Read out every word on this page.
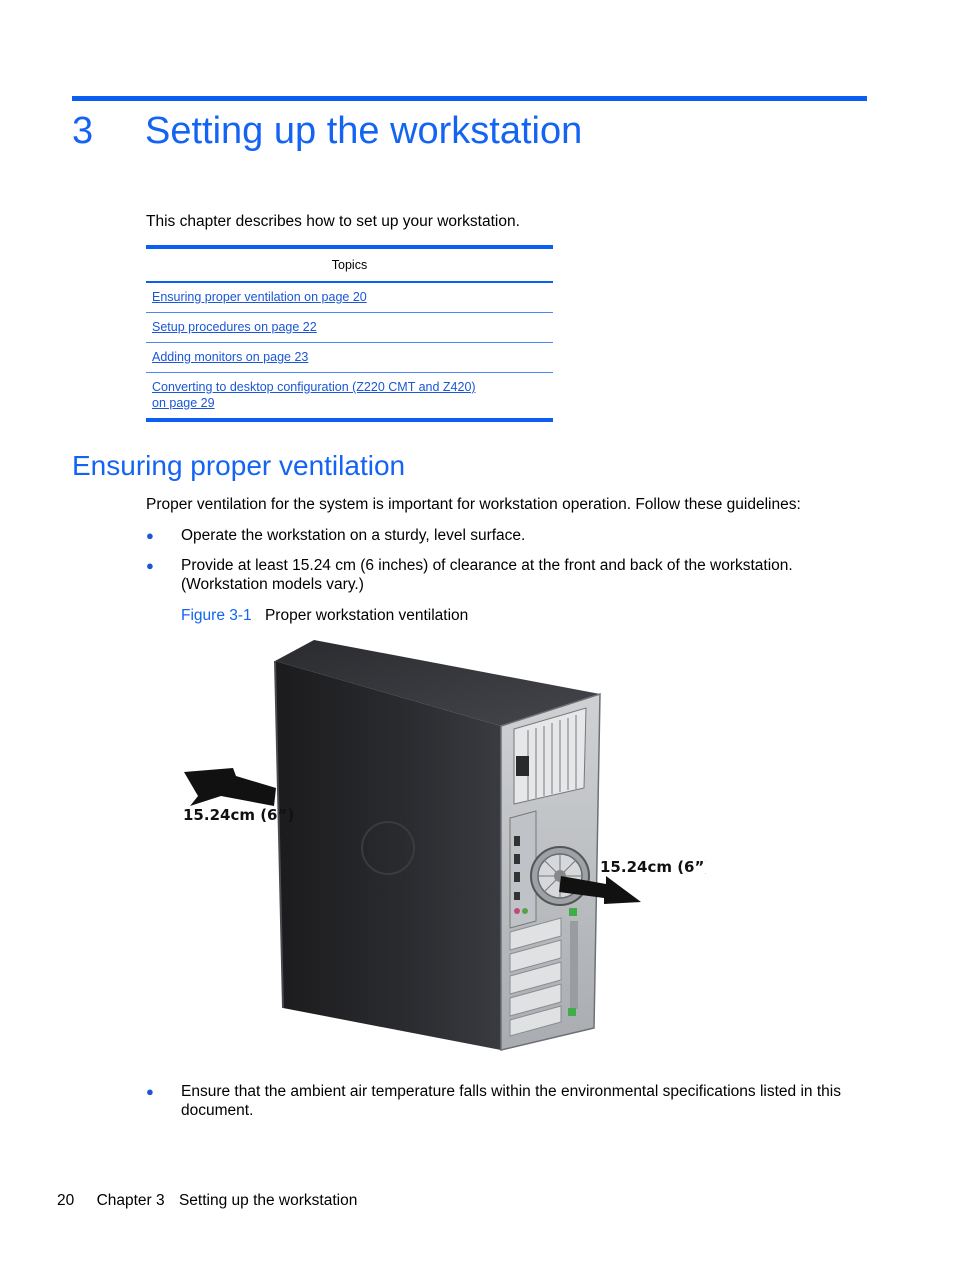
3	Setting up the workstation
This chapter describes how to set up your workstation.
Topics
Ensuring proper ventilation on page 20
Setup procedures on page 22
Adding monitors on page 23
Converting to desktop configuration (Z220 CMT and Z420)
on page 29
Ensuring proper ventilation
Proper ventilation for the system is important for workstation operation. Follow these guidelines:
● Operate the workstation on a sturdy, level surface.
● Provide at least 15.24 cm (6 inches) of clearance at the front and back of the workstation.
(Workstation models vary.)
Figure 3-1 Proper workstation ventilation
15.24cm (6”)
15.24cm (6”)
● Ensure that the ambient air temperature falls within the environmental specifications listed in this
document.
20 Chapter 3 Setting up the workstation
